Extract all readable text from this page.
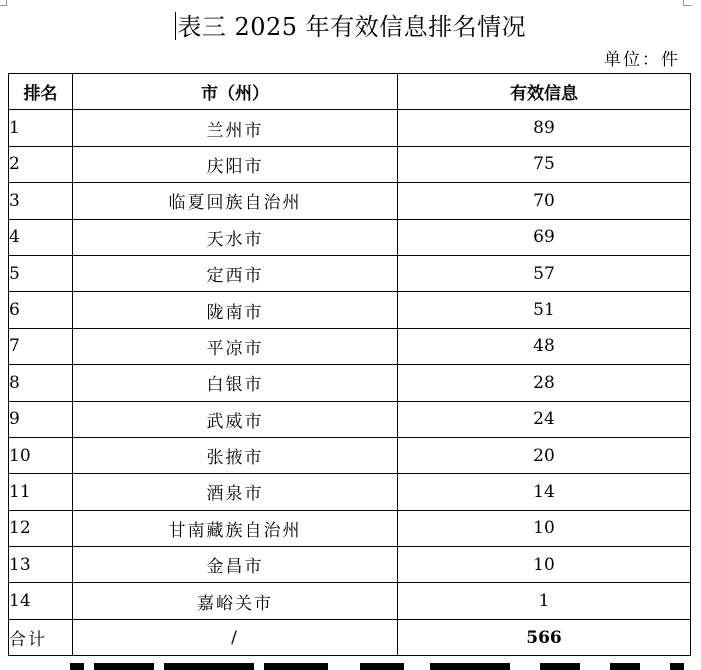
表三 2025 年有效信息排名情况
单位：件
排名	市（州）	有效信息
1	兰州市	89
2	庆阳市	75
3	临夏回族自治州	70
4	天水市	69
5	定西市	57
6	陇南市	51
7	平凉市	48
8	白银市	28
9	武威市	24
10	张掖市	20
11	酒泉市	14
12	甘南藏族自治州	10
13	金昌市	10
14	嘉峪关市	1
合计	/	566
